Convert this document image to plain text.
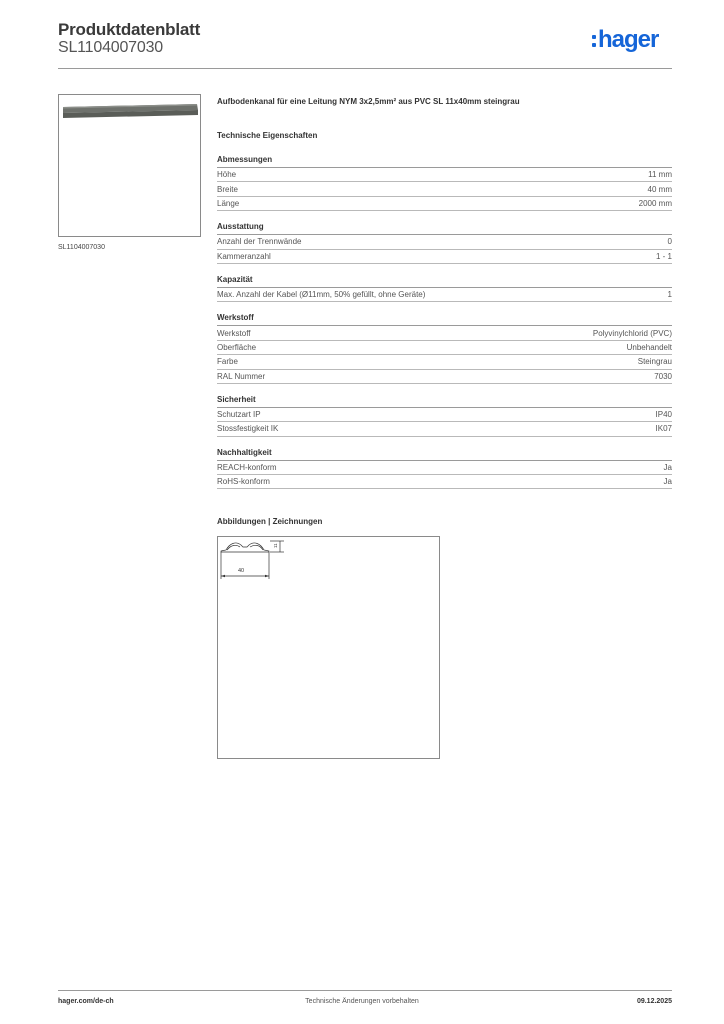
Produktdatenblatt
SL1104007030	hager
SL1104007030
Aufbodenkanal für eine Leitung NYM 3x2,5mm² aus PVC SL 11x40mm steingrau
Technische Eigenschaften
Abmessungen
Höhe	11 mm
Breite	40 mm
Länge	2000 mm
Ausstattung
Anzahl der Trennwände	0
Kammeranzahl	1 - 1
Kapazität
Max. Anzahl der Kabel (Ø11mm, 50% gefüllt, ohne Geräte)	1
Werkstoff
Werkstoff	Polyvinylchlorid (PVC)
Oberfläche	Unbehandelt
Farbe	Steingrau
RAL Nummer	7030
Sicherheit
Schutzart IP	IP40
Stossfestigkeit IK	IK07
Nachhaltigkeit
REACH-konform	Ja
RoHS-konform	Ja
Abbildungen | Zeichnungen
40
11
hager.com/de-ch	Technische Änderungen vorbehalten	09.12.2025
